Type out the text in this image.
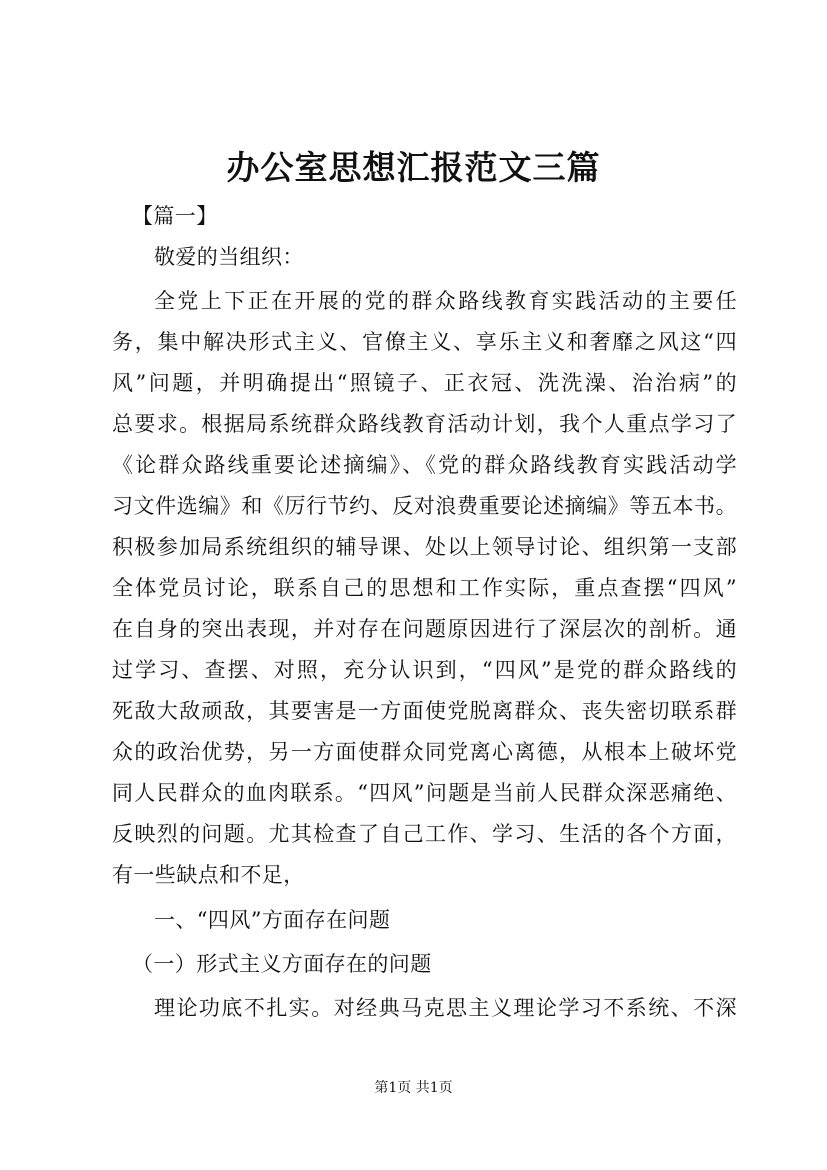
办公室思想汇报范文三篇
【篇一】
敬爱的当组织：
全党上下正在开展的党的群众路线教育实践活动的主要任
务，集中解决形式主义、官僚主义、享乐主义和奢靡之风这“四
风”问题，并明确提出“照镜子、正衣冠、洗洗澡、治治病”的
总要求。根据局系统群众路线教育活动计划，我个人重点学习了
《论群众路线重要论述摘编》、《党的群众路线教育实践活动学
习文件选编》和《厉行节约、反对浪费重要论述摘编》等五本书。
积极参加局系统组织的辅导课、处以上领导讨论、组织第一支部
全体党员讨论，联系自己的思想和工作实际，重点查摆“四风”
在自身的突出表现，并对存在问题原因进行了深层次的剖析。通
过学习、查摆、对照，充分认识到，“四风”是党的群众路线的
死敌大敌顽敌，其要害是一方面使党脱离群众、丧失密切联系群
众的政治优势，另一方面使群众同党离心离德，从根本上破坏党
同人民群众的血肉联系。“四风”问题是当前人民群众深恶痛绝、
反映烈的问题。尤其检查了自己工作、学习、生活的各个方面，
有一些缺点和不足，
一、“四风”方面存在问题
（一）形式主义方面存在的问题
理论功底不扎实。对经典马克思主义理论学习不系统、不深
第1页 共1页
